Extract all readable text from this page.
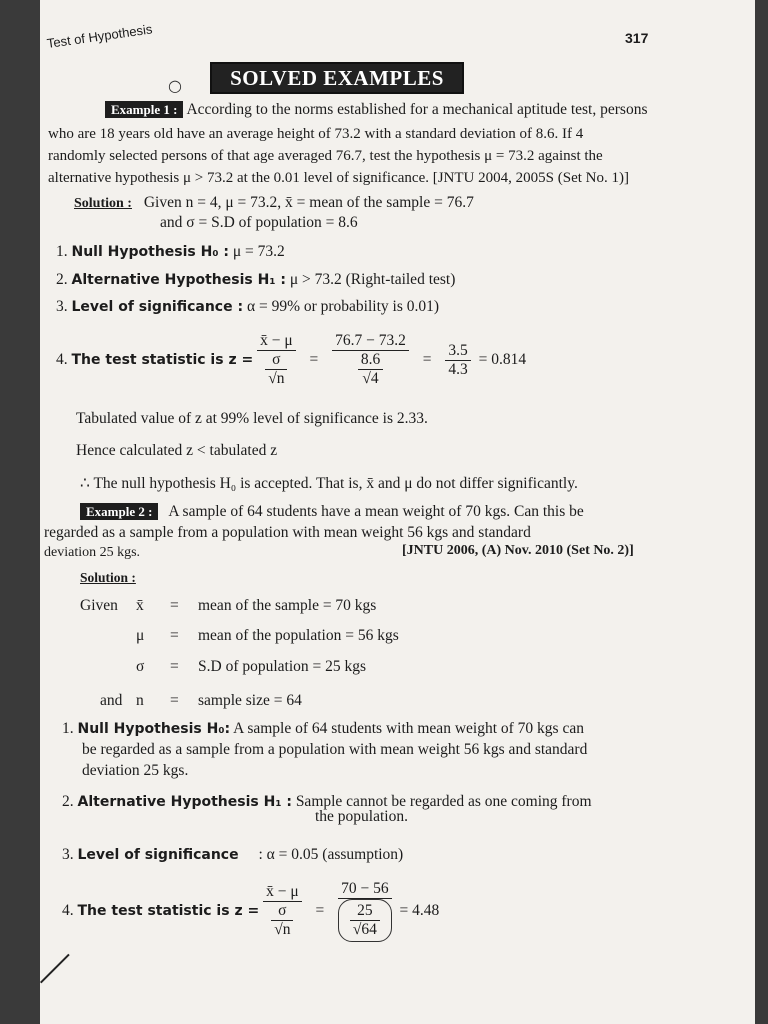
Test of Hypothesis	317
○	SOLVED EXAMPLES
Example 1 : According to the norms established for a mechanical aptitude test, persons
who are 18 years old have an average height of 73.2 with a standard deviation of 8.6. If 4
randomly selected persons of that age averaged 76.7, test the hypothesis μ = 73.2 against the
alternative hypothesis μ > 73.2 at the 0.01 level of significance. [JNTU 2004, 2005S (Set No. 1)]
Solution : Given n = 4, μ = 73.2, x̄ = mean of the sample = 76.7
and σ = S.D of population = 8.6
1. Null Hypothesis H₀ : μ = 73.2
2. Alternative Hypothesis H₁ : μ > 73.2 (Right-tailed test)
3. Level of significance : α = 99% or probability is 0.01)
4. The test statistic is $z = \frac{x̄ - \mu}{\frac{\sigma}{√n}} = \frac{76.7 - 73.2}{\frac{8.6}{√4}} = \frac{3.5}{4.3} = 0.814$
Tabulated value of z at 99% level of significance is 2.33.
Hence calculated z < tabulated z
∴ The null hypothesis H₀ is accepted. That is, x̄ and μ do not differ significantly.
Example 2 : A sample of 64 students have a mean weight of 70 kgs. Can this be
regarded as a sample from a population with mean weight 56 kgs and standard
deviation 25 kgs.	[JNTU 2006, (A) Nov. 2010 (Set No. 2)]
Solution :
Given x̄ = mean of the sample = 70 kgs
μ = mean of the population = 56 kgs
σ = S.D of population = 25 kgs
and n = sample size = 64
1. Null Hypothesis H₀: A sample of 64 students with mean weight of 70 kgs can
be regarded as a sample from a population with mean weight 56 kgs and standard
deviation 25 kgs.
2. Alternative Hypothesis H₁ : Sample cannot be regarded as one coming from
the population.
3. Level of significance : α = 0.05 (assumption)
4. The test statistic is $z = \frac{x̄ - \mu}{\frac{\sigma}{√n}} = \frac{70 - 56}{\frac{25}{√64}} = 4.48$
